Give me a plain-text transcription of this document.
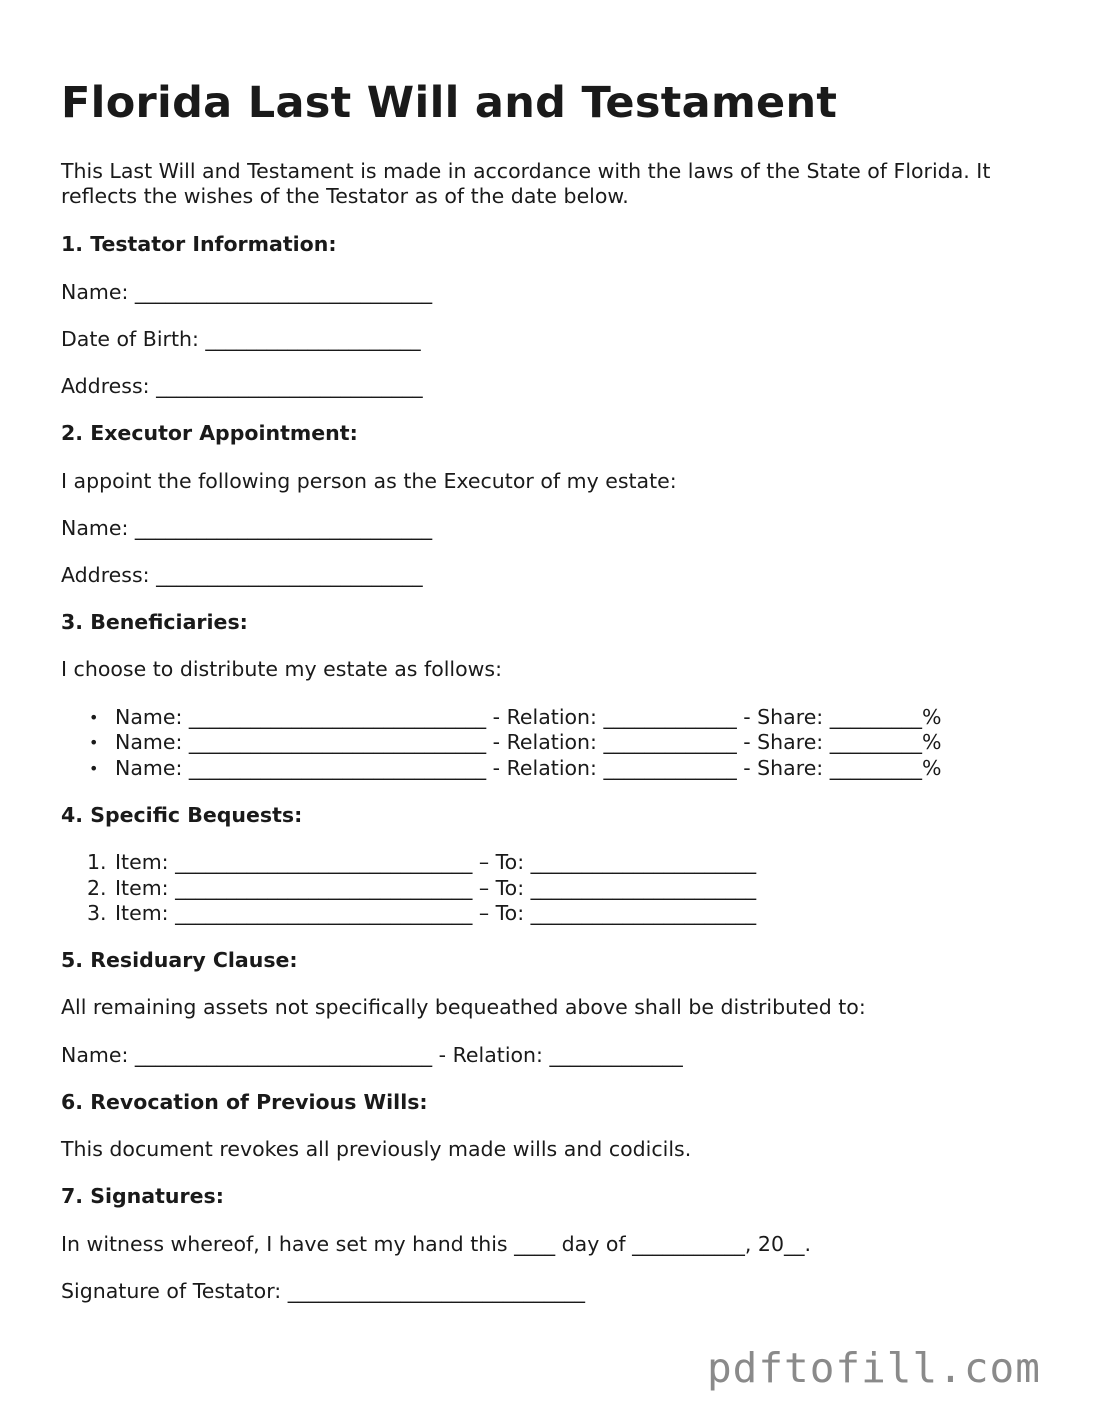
Florida Last Will and Testament
This Last Will and Testament is made in accordance with the laws of the State of Florida. It reflects the wishes of the Testator as of the date below.
1. Testator Information:
Name: _____________________________
Date of Birth: _____________________
Address: __________________________
2. Executor Appointment:
I appoint the following person as the Executor of my estate:
Name: _____________________________
Address: __________________________
3. Beneficiaries:
I choose to distribute my estate as follows:
• Name: _____________________________ - Relation: _____________ - Share: _________%
• Name: _____________________________ - Relation: _____________ - Share: _________%
• Name: _____________________________ - Relation: _____________ - Share: _________%
4. Specific Bequests:
1. Item: _____________________________ – To: ______________________
2. Item: _____________________________ – To: ______________________
3. Item: _____________________________ – To: ______________________
5. Residuary Clause:
All remaining assets not specifically bequeathed above shall be distributed to:
Name: _____________________________ - Relation: _____________
6. Revocation of Previous Wills:
This document revokes all previously made wills and codicils.
7. Signatures:
In witness whereof, I have set my hand this ____ day of ___________, 20__.
Signature of Testator: _____________________________
pdftofill.com
